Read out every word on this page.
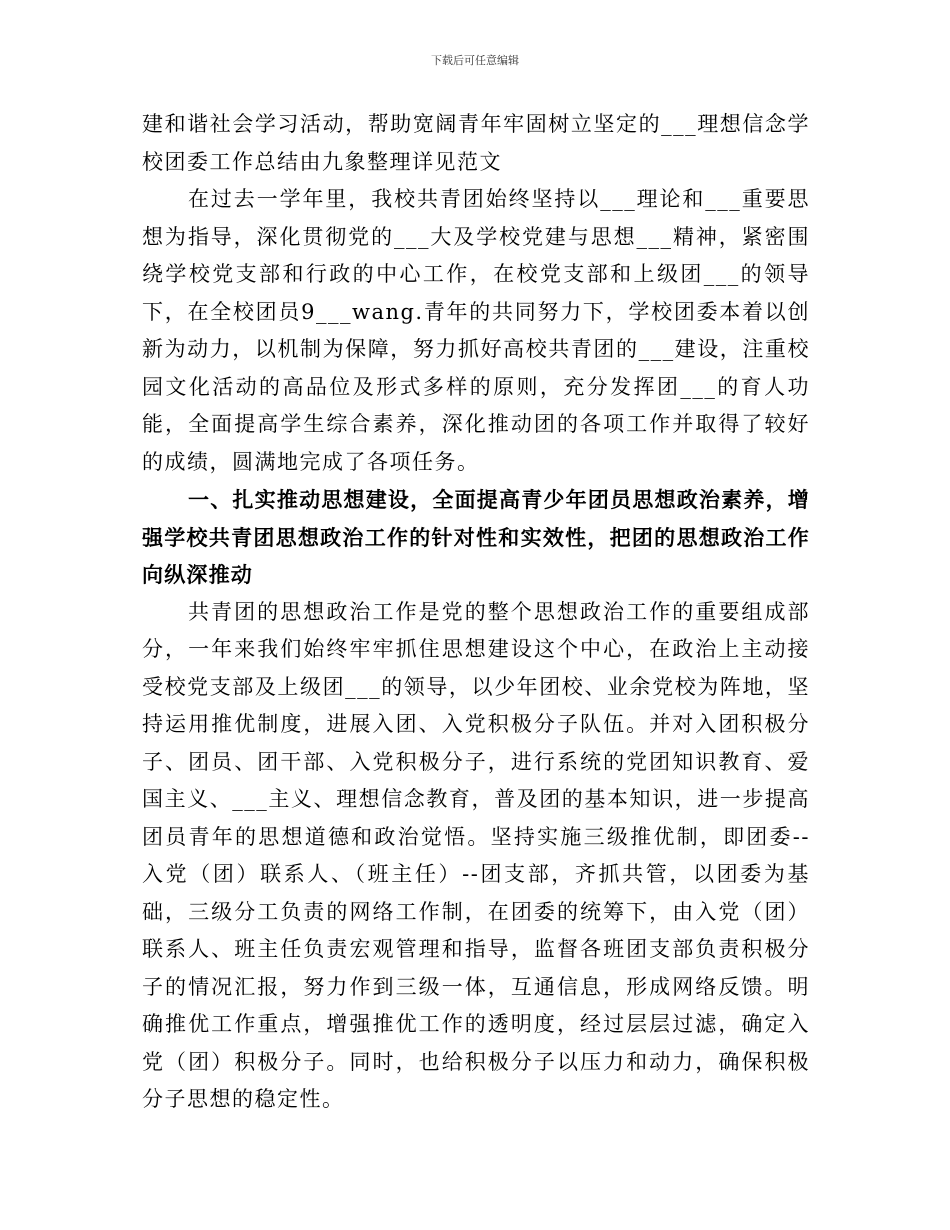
下载后可任意编辑

建和谐社会学习活动，帮助宽阔青年牢固树立坚定的___理想信念学校团委工作总结由九象整理详见范文

在过去一学年里，我校共青团始终坚持以___理论和___重要思想为指导，深化贯彻党的___大及学校党建与思想___精神，紧密围绕学校党支部和行政的中心工作，在校党支部和上级团___的领导下，在全校团员9___wang.青年的共同努力下，学校团委本着以创新为动力，以机制为保障，努力抓好高校共青团的___建设，注重校园文化活动的高品位及形式多样的原则，充分发挥团___的育人功能，全面提高学生综合素养，深化推动团的各项工作并取得了较好的成绩，圆满地完成了各项任务。

一、扎实推动思想建设，全面提高青少年团员思想政治素养，增强学校共青团思想政治工作的针对性和实效性，把团的思想政治工作向纵深推动

共青团的思想政治工作是党的整个思想政治工作的重要组成部分，一年来我们始终牢牢抓住思想建设这个中心，在政治上主动接受校党支部及上级团___的领导，以少年团校、业余党校为阵地，坚持运用推优制度，进展入团、入党积极分子队伍。并对入团积极分子、团员、团干部、入党积极分子，进行系统的党团知识教育、爱国主义、___主义、理想信念教育，普及团的基本知识，进一步提高团员青年的思想道德和政治觉悟。坚持实施三级推优制，即团委--入党（团）联系人、（班主任）--团支部，齐抓共管，以团委为基础，三级分工负责的网络工作制，在团委的统筹下，由入党（团）联系人、班主任负责宏观管理和指导，监督各班团支部负责积极分子的情况汇报，努力作到三级一体，互通信息，形成网络反馈。明确推优工作重点，增强推优工作的透明度，经过层层过滤，确定入党（团）积极分子。同时，也给积极分子以压力和动力，确保积极分子思想的稳定性。
